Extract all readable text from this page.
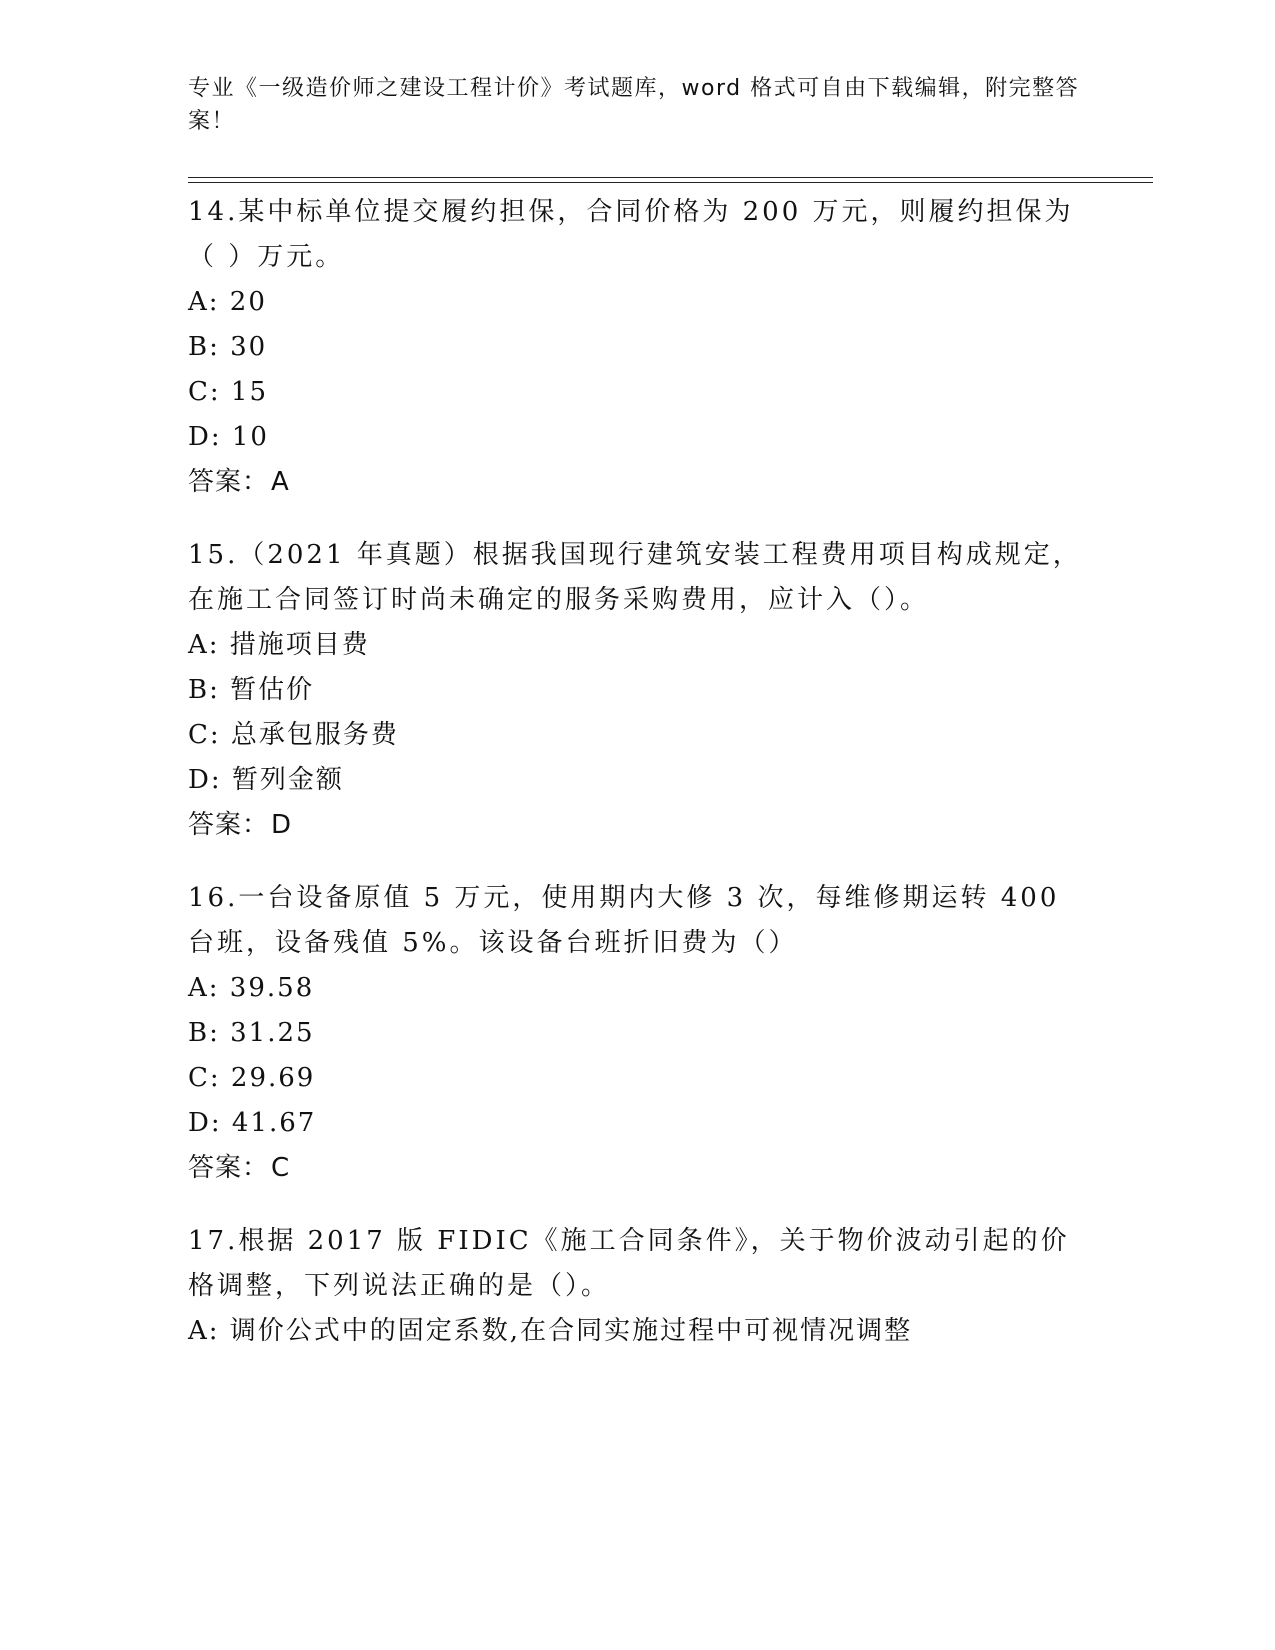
专业《一级造价师之建设工程计价》考试题库，word 格式可自由下载编辑，附完整答案！

14.某中标单位提交履约担保，合同价格为 200 万元，则履约担保为（ ）万元。

A: 20

B: 30

C: 15

D: 10

答案：A

15.（2021 年真题）根据我国现行建筑安装工程费用项目构成规定，在施工合同签订时尚未确定的服务采购费用，应计入（）。

A: 措施项目费

B: 暂估价

C: 总承包服务费

D: 暂列金额

答案：D

16.一台设备原值 5 万元，使用期内大修 3 次，每维修期运转 400 台班，设备残值 5%。该设备台班折旧费为（）

A: 39.58

B: 31.25

C: 29.69

D: 41.67

答案：C

17.根据 2017 版 FIDIC《施工合同条件》，关于物价波动引起的价格调整，下列说法正确的是（）。

A: 调价公式中的固定系数,在合同实施过程中可视情况调整
